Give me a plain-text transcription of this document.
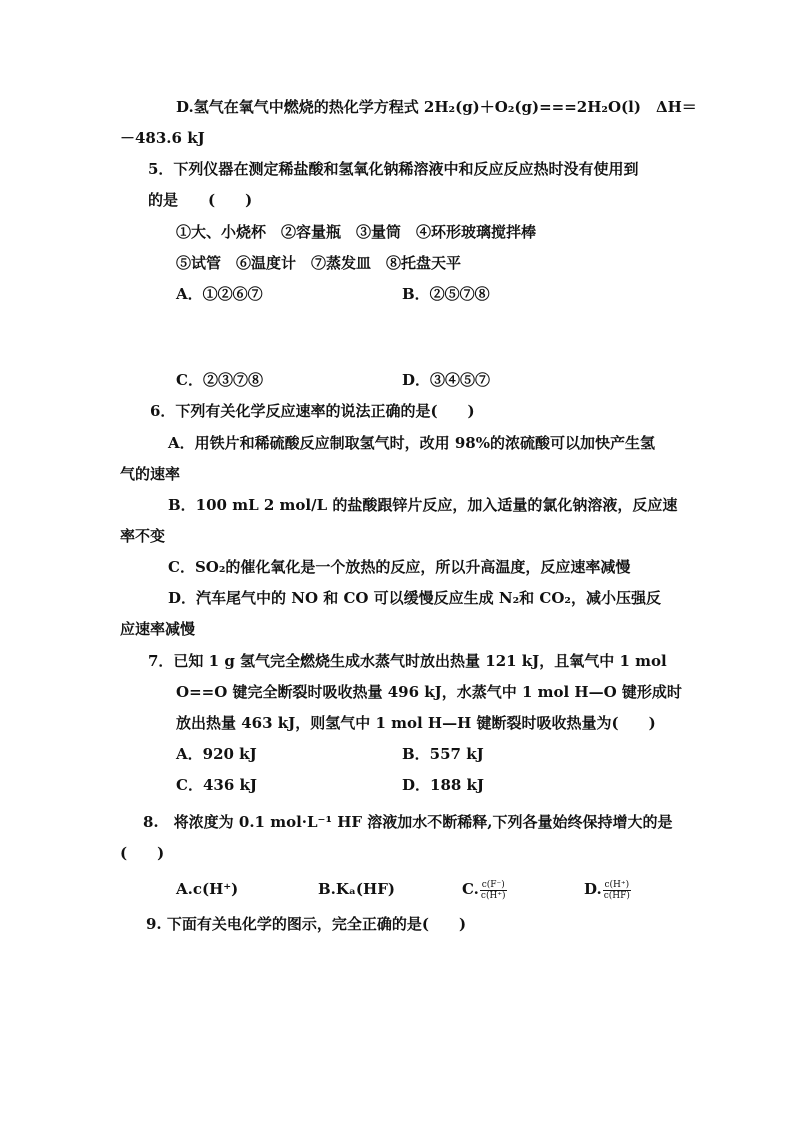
D.氢气在氧气中燃烧的热化学方程式 2H₂(g)＋O₂(g)===2H₂O(l)　ΔH＝
－483.6 kJ
5．下列仪器在测定稀盐酸和氢氧化钠稀溶液中和反应反应热时没有使用到
的是　　(　　)
①大、小烧杯　②容量瓶　③量筒　④环形玻璃搅拌棒
⑤试管　⑥温度计　⑦蒸发皿　⑧托盘天平
A．①②⑥⑦	B．②⑤⑦⑧
C．②③⑦⑧	D．③④⑤⑦
6．下列有关化学反应速率的说法正确的是(　　)
A．用铁片和稀硫酸反应制取氢气时，改用 98%的浓硫酸可以加快产生氢
气的速率
B．100 mL 2 mol/L 的盐酸跟锌片反应，加入适量的氯化钠溶液，反应速
率不变
C．SO₂的催化氧化是一个放热的反应，所以升高温度，反应速率减慢
D．汽车尾气中的 NO 和 CO 可以缓慢反应生成 N₂和 CO₂，减小压强反
应速率减慢
7．已知 1 g 氢气完全燃烧生成水蒸气时放出热量 121 kJ，且氧气中 1 mol
O==O 键完全断裂时吸收热量 496 kJ，水蒸气中 1 mol H—O 键形成时
放出热量 463 kJ，则氢气中 1 mol H—H 键断裂时吸收热量为(　　)
A．920 kJ	B．557 kJ
C．436 kJ	D．188 kJ
8.　将浓度为 0.1 mol·L⁻¹ HF 溶液加水不断稀释,下列各量始终保持增大的是
(　　)
A.c(H⁺)	B.Kₐ(HF)	C. $\frac{c(F^-)}{c(H^+)}$	D. $\frac{c(H^+)}{c(HF)}$
9. 下面有关电化学的图示，完全正确的是(　　)
